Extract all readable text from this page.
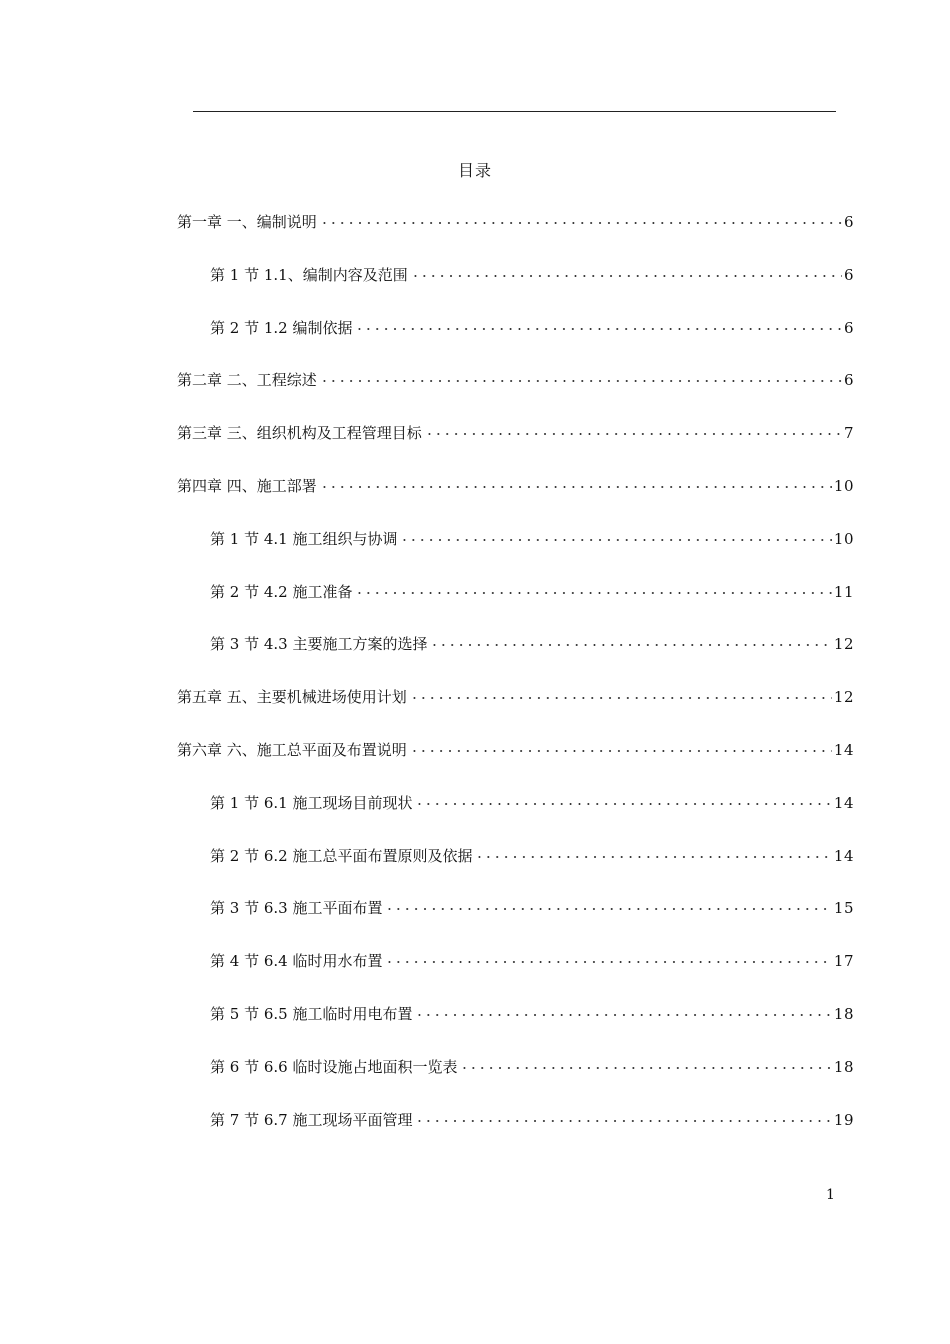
目录
第一章 一、编制说明	6
第 1 节 1.1、编制内容及范围	6
第 2 节 1.2 编制依据	6
第二章 二、工程综述	6
第三章 三、组织机构及工程管理目标	7
第四章 四、施工部署	10
第 1 节 4.1 施工组织与协调	10
第 2 节 4.2 施工准备	11
第 3 节 4.3 主要施工方案的选择	12
第五章 五、主要机械进场使用计划	12
第六章 六、施工总平面及布置说明	14
第 1 节 6.1 施工现场目前现状	14
第 2 节 6.2 施工总平面布置原则及依据	14
第 3 节 6.3 施工平面布置	15
第 4 节 6.4 临时用水布置	17
第 5 节 6.5 施工临时用电布置	18
第 6 节 6.6 临时设施占地面积一览表	18
第 7 节 6.7 施工现场平面管理	19
1
